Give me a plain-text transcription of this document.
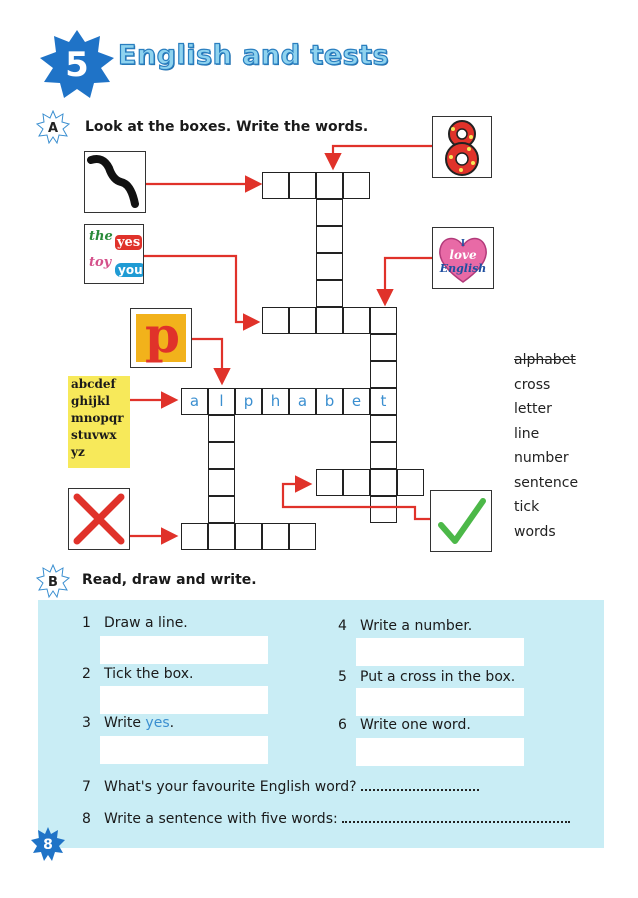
5 English and tests
A Look at the boxes. Write the words.
the yes
toy you
p
abcdef
ghijkl
mnopqr
stuvwx
yz
I
love
English
a	l	p	h	a	b	e	t
alphabet
cross
letter
line
number
sentence
tick
words
B Read, draw and write.
1 Draw a line.
2 Tick the box.
3 Write yes.
4 Write a number.
5 Put a cross in the box.
6 Write one word.
7 What's your favourite English word?
8 Write a sentence with five words:
8
